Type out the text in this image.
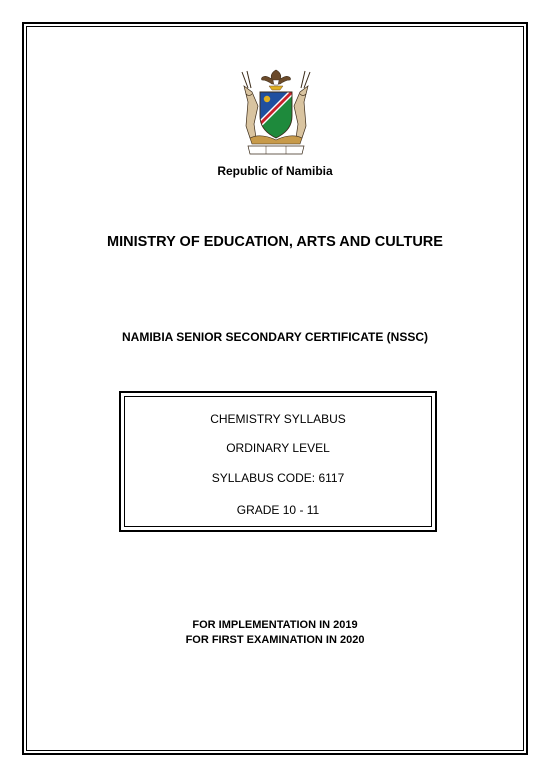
Republic of Namibia
MINISTRY OF EDUCATION, ARTS AND CULTURE
NAMIBIA SENIOR SECONDARY CERTIFICATE (NSSC)
CHEMISTRY SYLLABUS
ORDINARY LEVEL
SYLLABUS CODE: 6117
GRADE 10 - 11
FOR IMPLEMENTATION IN 2019
FOR FIRST EXAMINATION IN 2020
